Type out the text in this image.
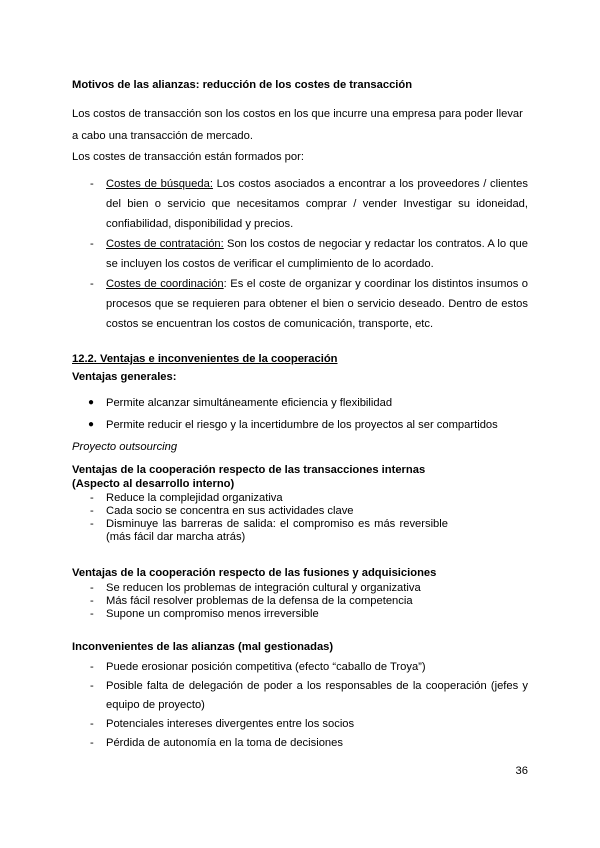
Motivos de las alianzas: reducción de los costes de transacción
Los costos de transacción son los costos en los que incurre una empresa para poder llevar a cabo una transacción de mercado.
Los costes de transacción están formados por:
- Costes de búsqueda: Los costos asociados a encontrar a los proveedores / clientes del bien o servicio que necesitamos comprar / vender Investigar su idoneidad, confiabilidad, disponibilidad y precios.
- Costes de contratación: Son los costos de negociar y redactar los contratos. A lo que se incluyen los costos de verificar el cumplimiento de lo acordado.
- Costes de coordinación: Es el coste de organizar y coordinar los distintos insumos o procesos que se requieren para obtener el bien o servicio deseado. Dentro de estos costos se encuentran los costos de comunicación, transporte, etc.
12.2. Ventajas e inconvenientes de la cooperación
Ventajas generales:
● Permite alcanzar simultáneamente eficiencia y flexibilidad
● Permite reducir el riesgo y la incertidumbre de los proyectos al ser compartidos
Proyecto outsourcing
Ventajas de la cooperación respecto de las transacciones internas
(Aspecto al desarrollo interno)
- Reduce la complejidad organizativa
- Cada socio se concentra en sus actividades clave
- Disminuye las barreras de salida: el compromiso es más reversible (más fácil dar marcha atrás)
Ventajas de la cooperación respecto de las fusiones y adquisiciones
- Se reducen los problemas de integración cultural y organizativa
- Más fácil resolver problemas de la defensa de la competencia
- Supone un compromiso menos irreversible
Inconvenientes de las alianzas (mal gestionadas)
- Puede erosionar posición competitiva (efecto “caballo de Troya”)
- Posible falta de delegación de poder a los responsables de la cooperación (jefes y equipo de proyecto)
- Potenciales intereses divergentes entre los socios
- Pérdida de autonomía en la toma de decisiones
36
